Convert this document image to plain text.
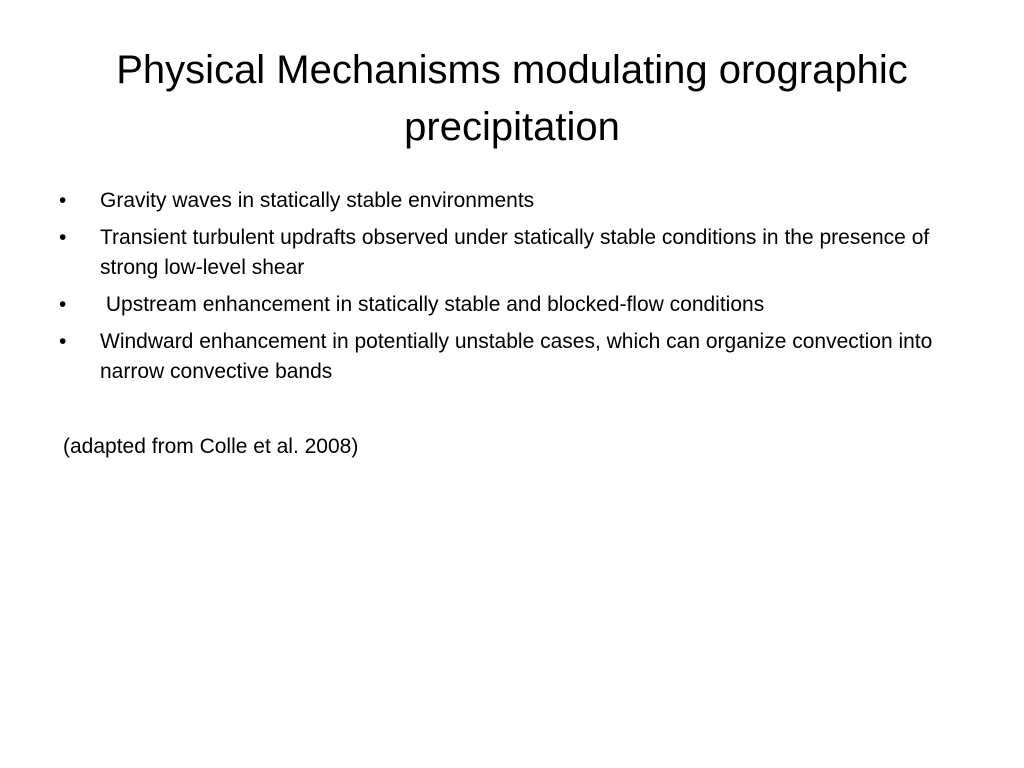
Physical Mechanisms modulating orographic precipitation
• Gravity waves in statically stable environments
• Transient turbulent updrafts observed under statically stable conditions in the presence of strong low-level shear
• Upstream enhancement in statically stable and blocked-flow conditions
• Windward enhancement in potentially unstable cases, which can organize convection into narrow convective bands

(adapted from Colle et al. 2008)
